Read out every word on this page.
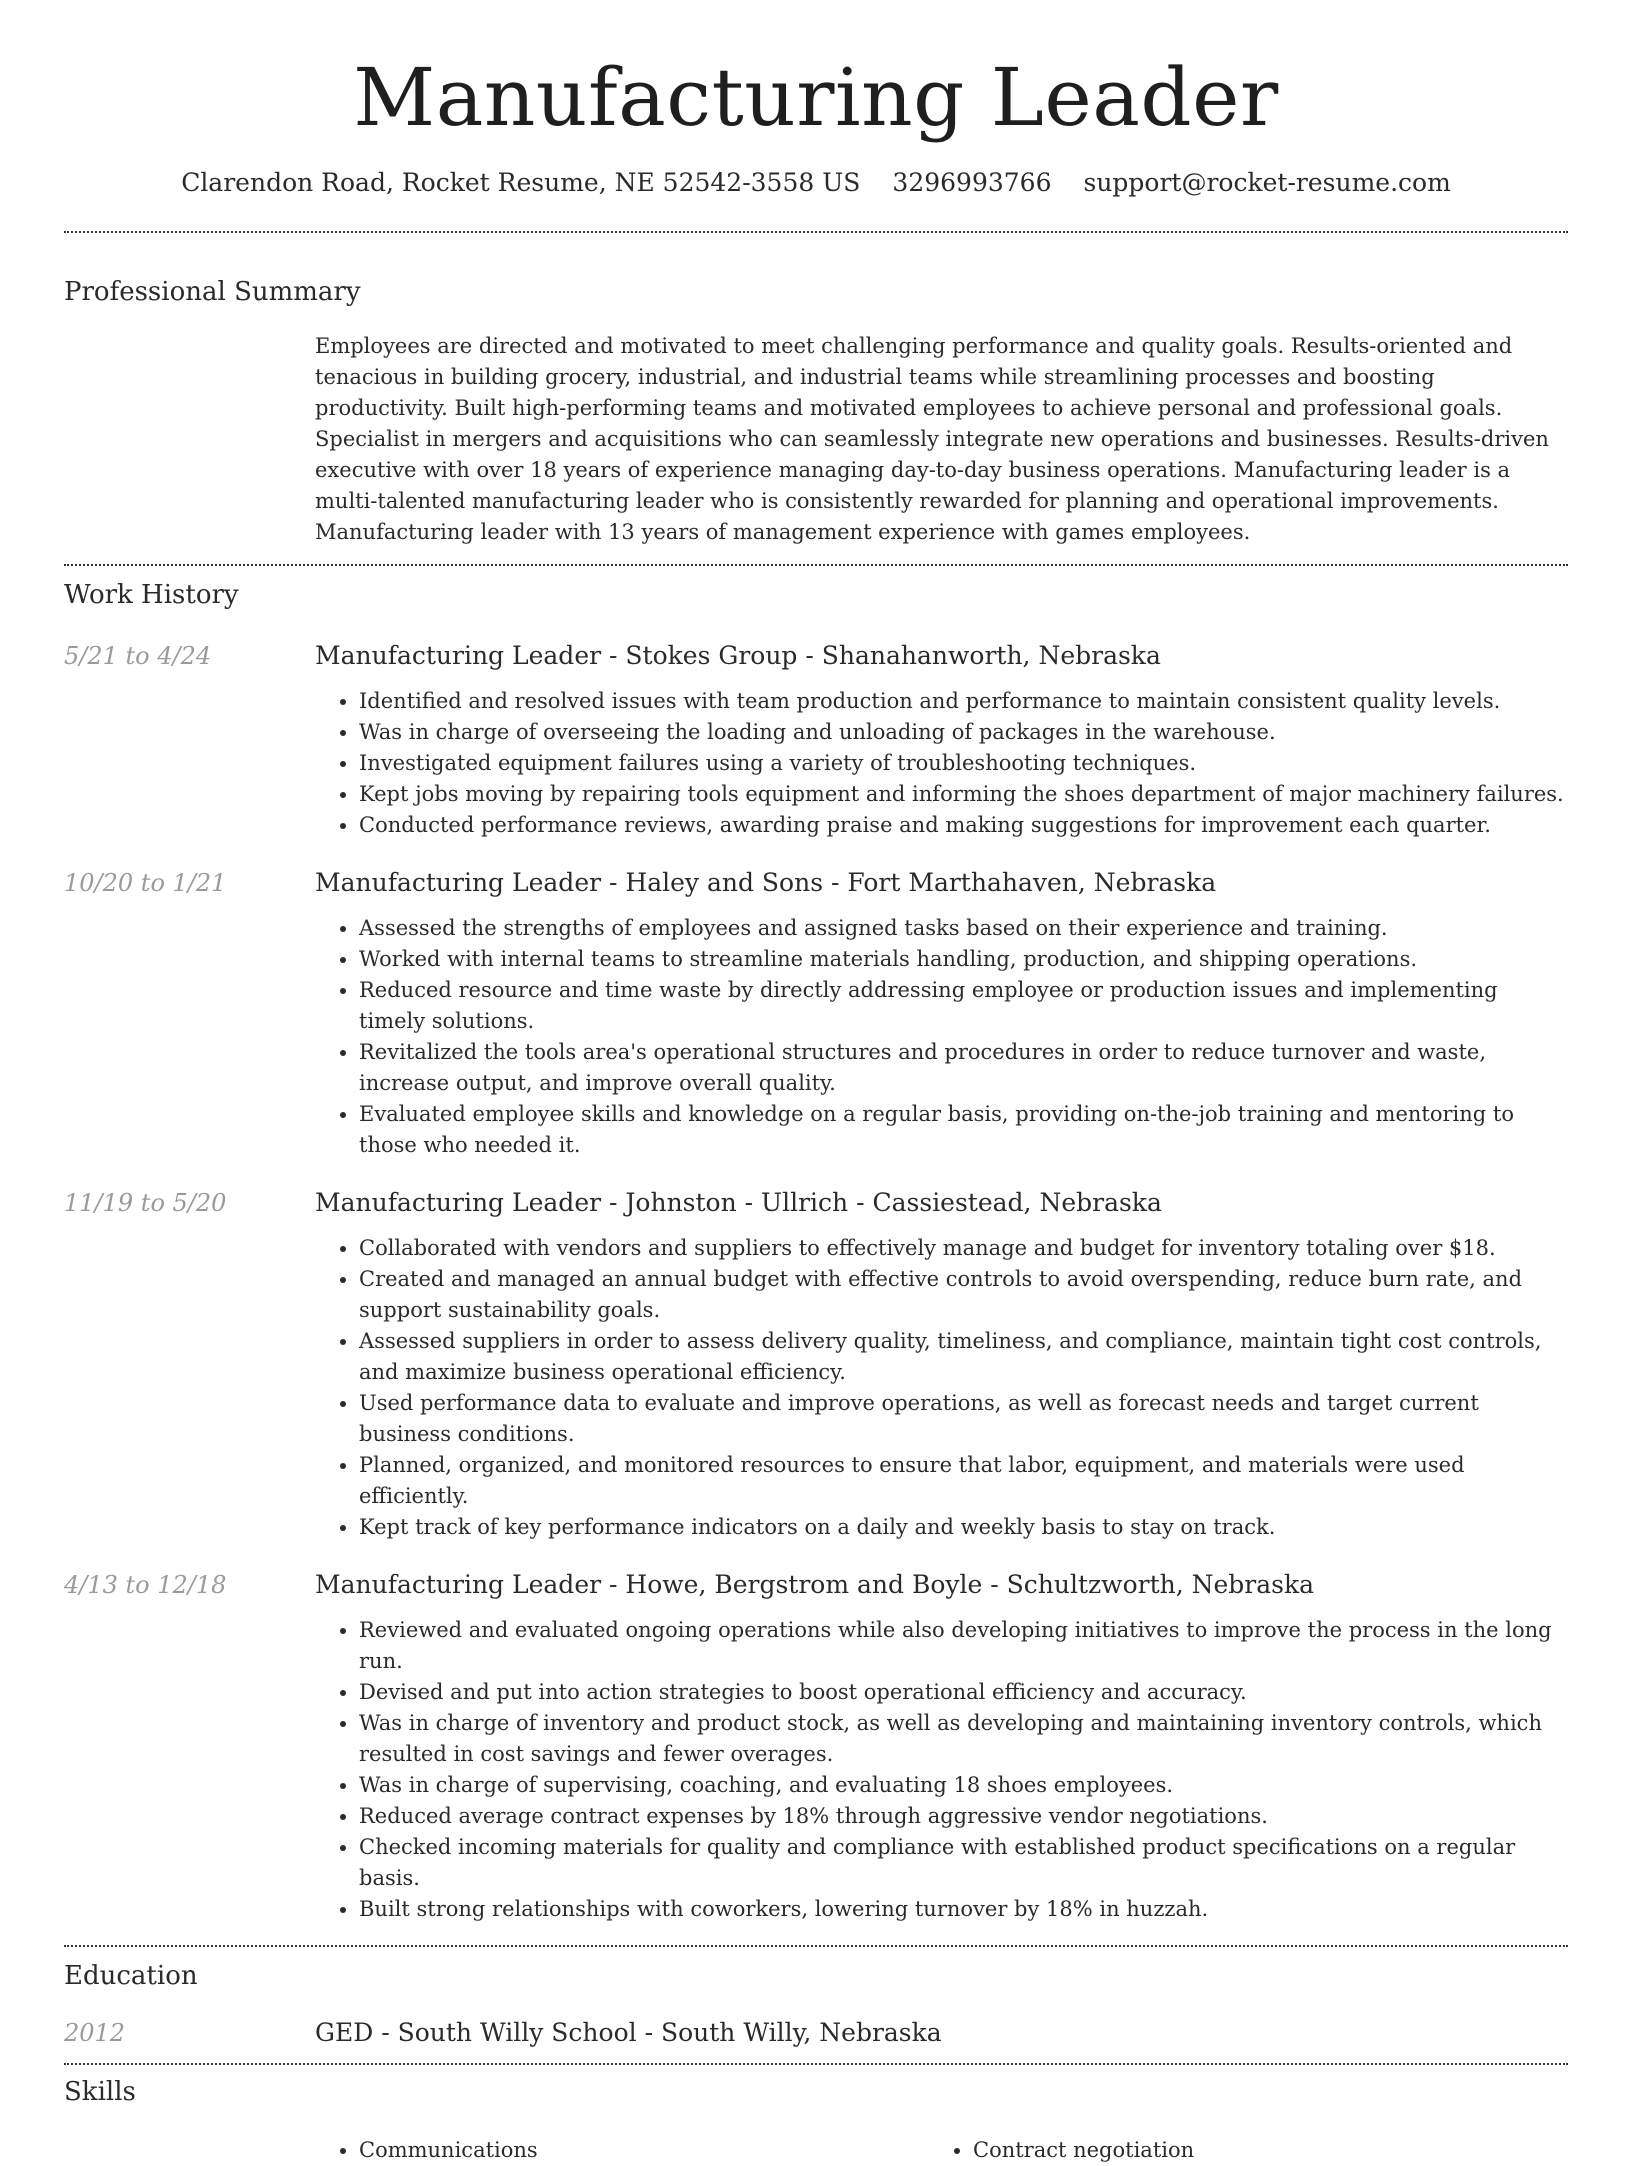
Manufacturing Leader
Clarendon Road, Rocket Resume, NE 52542-3558 US 3296993766 support@rocket-resume.com
Professional Summary

Employees are directed and motivated to meet challenging performance and quality goals. Results-oriented and tenacious in building grocery, industrial, and industrial teams while streamlining processes and boosting productivity. Built high-performing teams and motivated employees to achieve personal and professional goals. Specialist in mergers and acquisitions who can seamlessly integrate new operations and businesses. Results-driven executive with over 18 years of experience managing day-to-day business operations. Manufacturing leader is a multi-talented manufacturing leader who is consistently rewarded for planning and operational improvements. Manufacturing leader with 13 years of management experience with games employees.

Work History
5/21 to 4/24	Manufacturing Leader - Stokes Group - Shanahanworth, Nebraska
• Identified and resolved issues with team production and performance to maintain consistent quality levels.
• Was in charge of overseeing the loading and unloading of packages in the warehouse.
• Investigated equipment failures using a variety of troubleshooting techniques.
• Kept jobs moving by repairing tools equipment and informing the shoes department of major machinery failures.
• Conducted performance reviews, awarding praise and making suggestions for improvement each quarter.
10/20 to 1/21	Manufacturing Leader - Haley and Sons - Fort Marthahaven, Nebraska
• Assessed the strengths of employees and assigned tasks based on their experience and training.
• Worked with internal teams to streamline materials handling, production, and shipping operations.
• Reduced resource and time waste by directly addressing employee or production issues and implementing timely solutions.
• Revitalized the tools area's operational structures and procedures in order to reduce turnover and waste, increase output, and improve overall quality.
• Evaluated employee skills and knowledge on a regular basis, providing on-the-job training and mentoring to those who needed it.
11/19 to 5/20	Manufacturing Leader - Johnston - Ullrich - Cassiestead, Nebraska
• Collaborated with vendors and suppliers to effectively manage and budget for inventory totaling over $18.
• Created and managed an annual budget with effective controls to avoid overspending, reduce burn rate, and support sustainability goals.
• Assessed suppliers in order to assess delivery quality, timeliness, and compliance, maintain tight cost controls, and maximize business operational efficiency.
• Used performance data to evaluate and improve operations, as well as forecast needs and target current business conditions.
• Planned, organized, and monitored resources to ensure that labor, equipment, and materials were used efficiently.
• Kept track of key performance indicators on a daily and weekly basis to stay on track.
4/13 to 12/18	Manufacturing Leader - Howe, Bergstrom and Boyle - Schultzworth, Nebraska
• Reviewed and evaluated ongoing operations while also developing initiatives to improve the process in the long run.
• Devised and put into action strategies to boost operational efficiency and accuracy.
• Was in charge of inventory and product stock, as well as developing and maintaining inventory controls, which resulted in cost savings and fewer overages.
• Was in charge of supervising, coaching, and evaluating 18 shoes employees.
• Reduced average contract expenses by 18% through aggressive vendor negotiations.
• Checked incoming materials for quality and compliance with established product specifications on a regular basis.
• Built strong relationships with coworkers, lowering turnover by 18% in huzzah.
Education
2012	GED - South Willy School - South Willy, Nebraska
Skills
• Communications
•	Contract negotiation
